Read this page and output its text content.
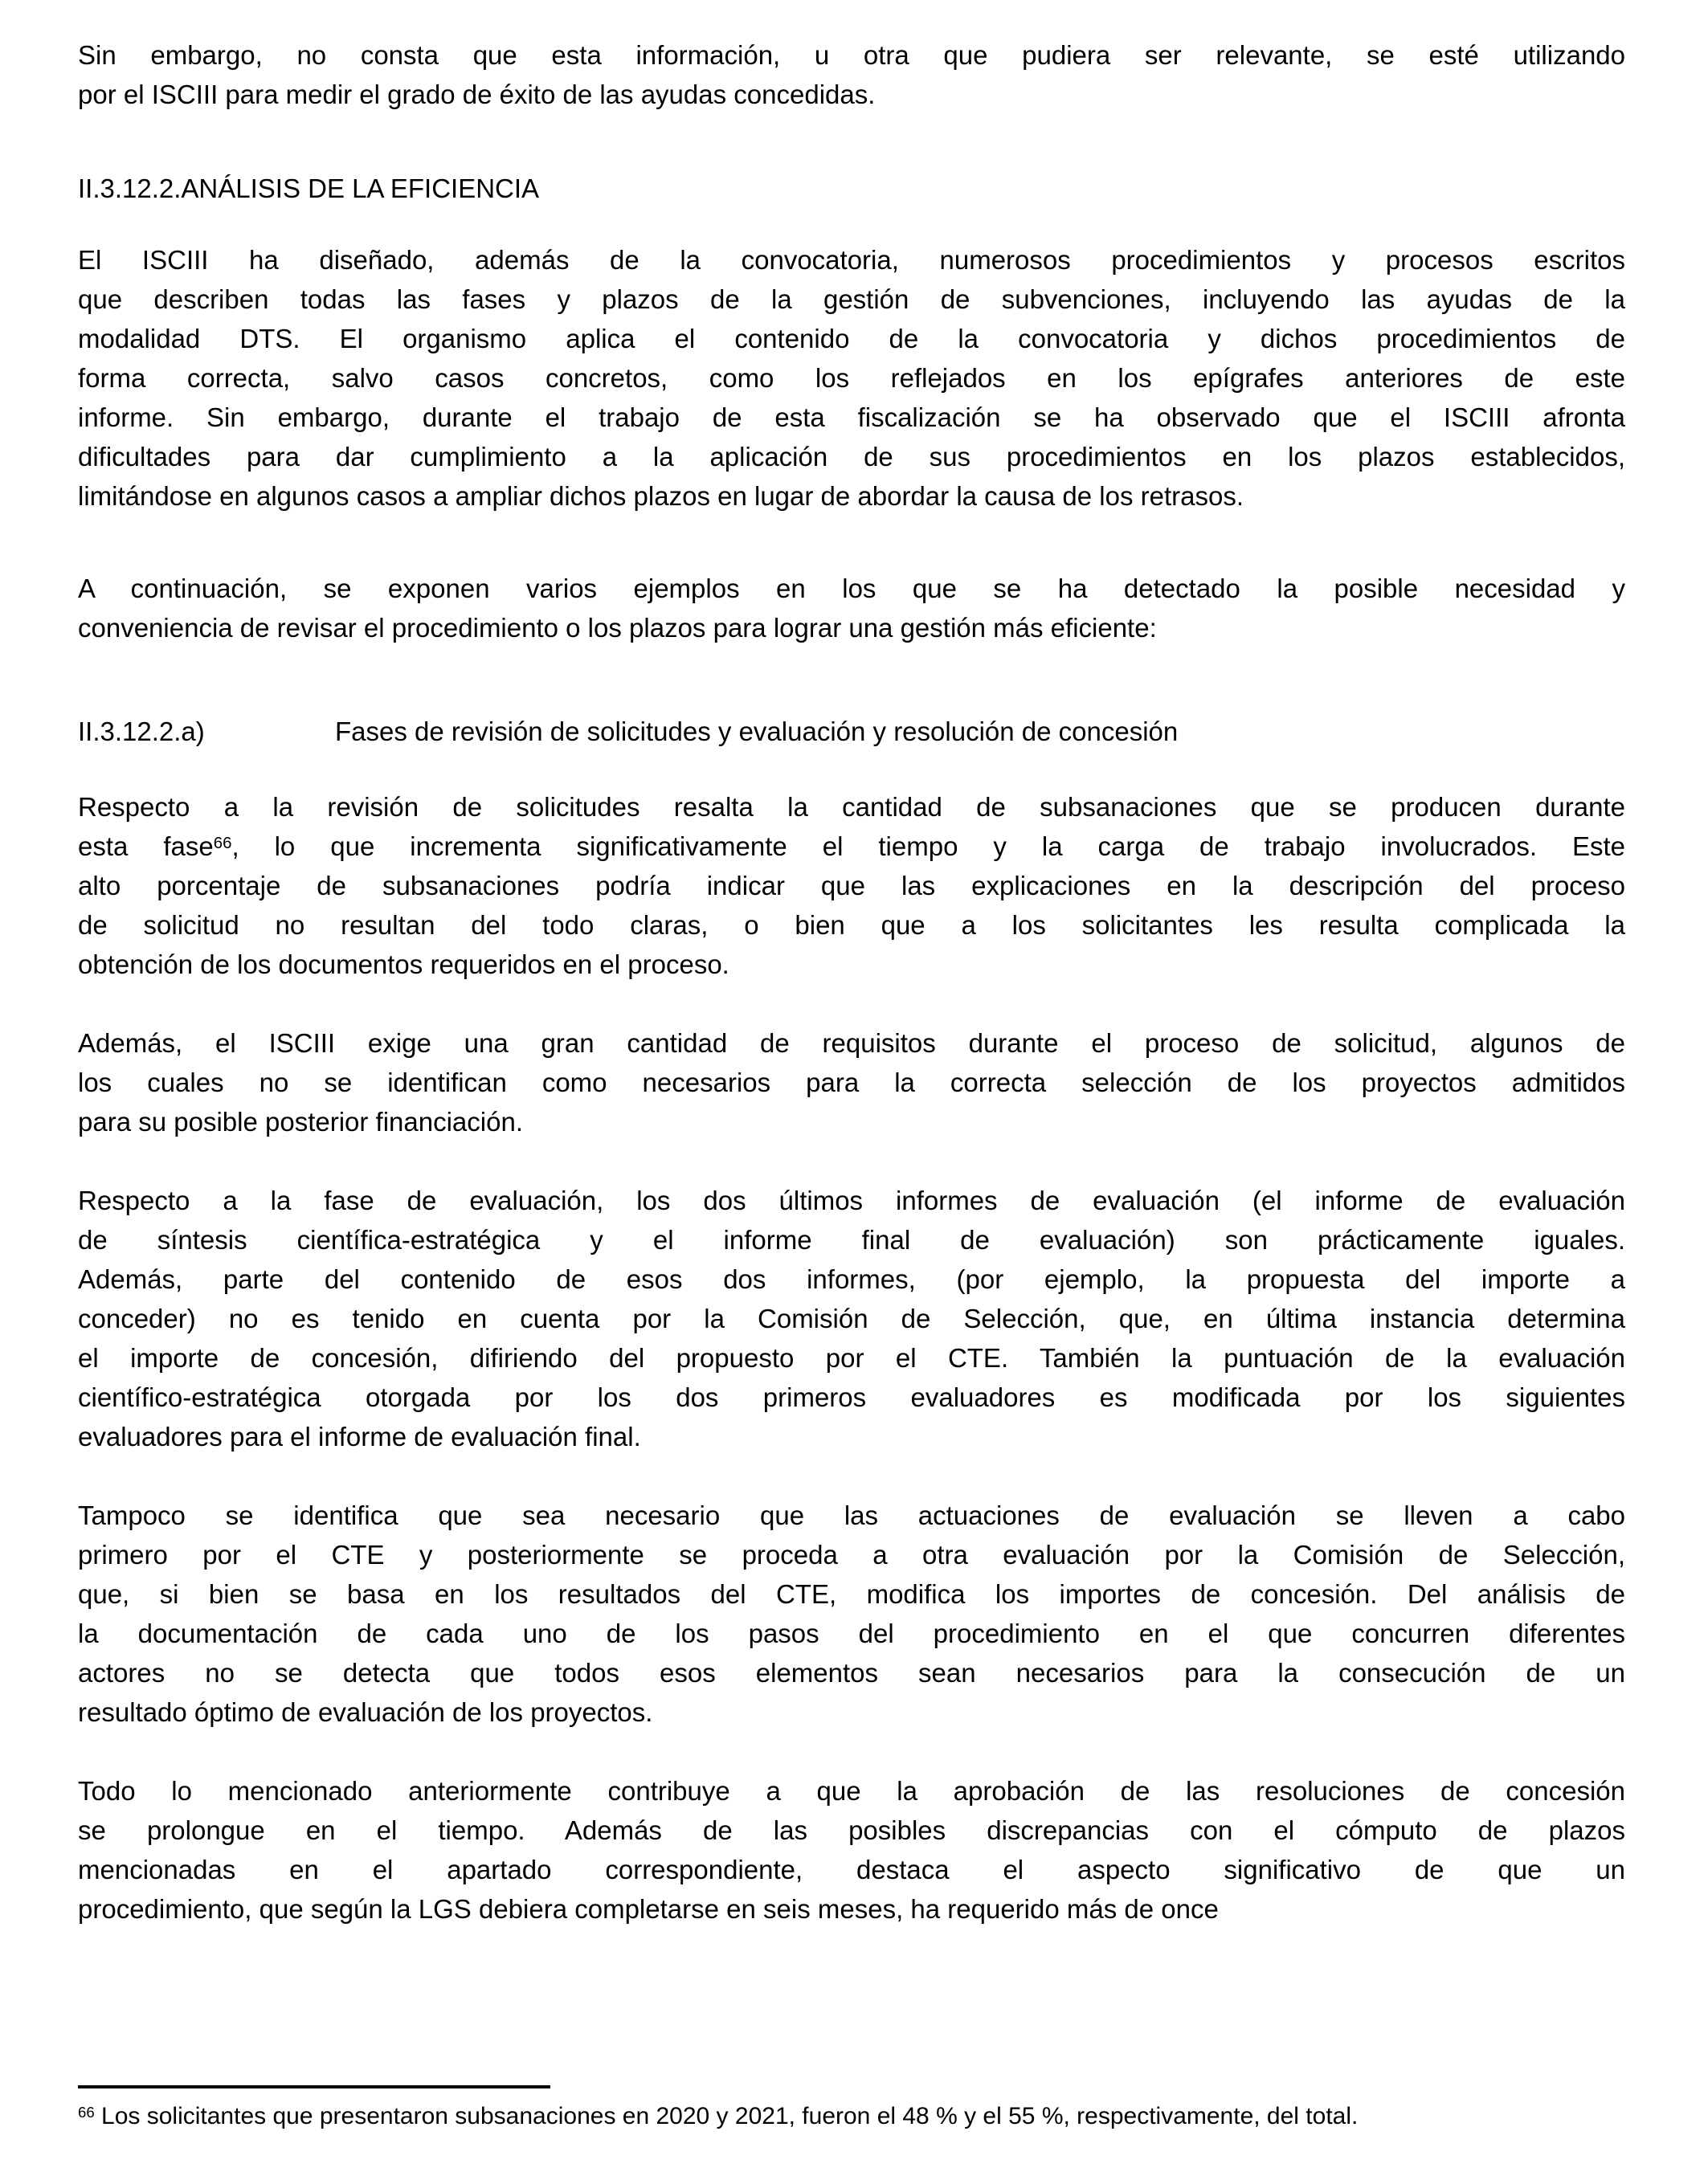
Sin embargo, no consta que esta información, u otra que pudiera ser relevante, se esté utilizando
por el ISCIII para medir el grado de éxito de las ayudas concedidas.
II.3.12.2.ANÁLISIS DE LA EFICIENCIA
El ISCIII ha diseñado, además de la convocatoria, numerosos procedimientos y procesos escritos
que describen todas las fases y plazos de la gestión de subvenciones, incluyendo las ayudas de la
modalidad DTS. El organismo aplica el contenido de la convocatoria y dichos procedimientos de
forma correcta, salvo casos concretos, como los reflejados en los epígrafes anteriores de este
informe. Sin embargo, durante el trabajo de esta fiscalización se ha observado que el ISCIII afronta
dificultades para dar cumplimiento a la aplicación de sus procedimientos en los plazos establecidos,
limitándose en algunos casos a ampliar dichos plazos en lugar de abordar la causa de los retrasos.
A continuación, se exponen varios ejemplos en los que se ha detectado la posible necesidad y
conveniencia de revisar el procedimiento o los plazos para lograr una gestión más eficiente:
II.3.12.2.a)	Fases de revisión de solicitudes y evaluación y resolución de concesión
Respecto a la revisión de solicitudes resalta la cantidad de subsanaciones que se producen durante
esta fase$^{66}$, lo que incrementa significativamente el tiempo y la carga de trabajo involucrados. Este
alto porcentaje de subsanaciones podría indicar que las explicaciones en la descripción del proceso
de solicitud no resultan del todo claras, o bien que a los solicitantes les resulta complicada la
obtención de los documentos requeridos en el proceso.
Además, el ISCIII exige una gran cantidad de requisitos durante el proceso de solicitud, algunos de
los cuales no se identifican como necesarios para la correcta selección de los proyectos admitidos
para su posible posterior financiación.
Respecto a la fase de evaluación, los dos últimos informes de evaluación (el informe de evaluación
de síntesis científica-estratégica y el informe final de evaluación) son prácticamente iguales.
Además, parte del contenido de esos dos informes, (por ejemplo, la propuesta del importe a
conceder) no es tenido en cuenta por la Comisión de Selección, que, en última instancia determina
el importe de concesión, difiriendo del propuesto por el CTE. También la puntuación de la evaluación
científico-estratégica otorgada por los dos primeros evaluadores es modificada por los siguientes
evaluadores para el informe de evaluación final.
Tampoco se identifica que sea necesario que las actuaciones de evaluación se lleven a cabo
primero por el CTE y posteriormente se proceda a otra evaluación por la Comisión de Selección,
que, si bien se basa en los resultados del CTE, modifica los importes de concesión. Del análisis de
la documentación de cada uno de los pasos del procedimiento en el que concurren diferentes
actores no se detecta que todos esos elementos sean necesarios para la consecución de un
resultado óptimo de evaluación de los proyectos.
Todo lo mencionado anteriormente contribuye a que la aprobación de las resoluciones de concesión
se prolongue en el tiempo. Además de las posibles discrepancias con el cómputo de plazos
mencionadas en el apartado correspondiente, destaca el aspecto significativo de que un
procedimiento, que según la LGS debiera completarse en seis meses, ha requerido más de once
$^{66}$ Los solicitantes que presentaron subsanaciones en 2020 y 2021, fueron el 48 % y el 55 %, respectivamente, del total.
